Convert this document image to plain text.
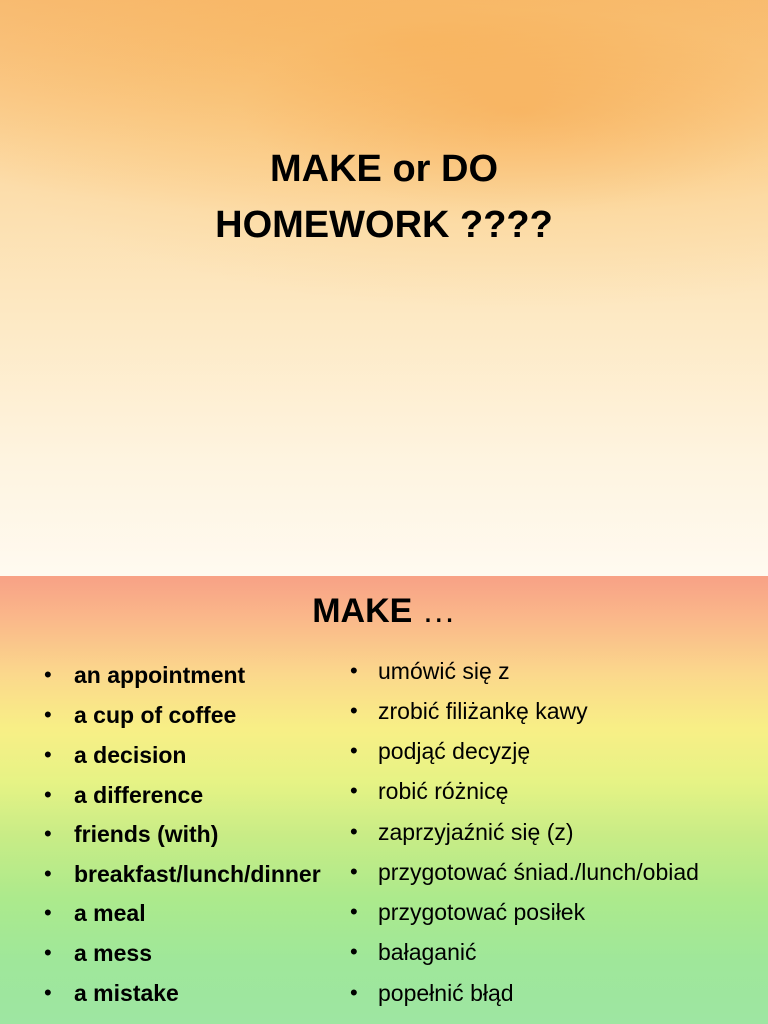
MAKE or DO
HOMEWORK ????
MAKE …
• an appointment
• a cup of coffee
• a decision
• a difference
• friends (with)
• breakfast/lunch/dinner
• a meal
• a mess
• a mistake
• umówić się z
• zrobić filiżankę kawy
• podjąć decyzję
• robić różnicę
• zaprzyjaźnić się (z)
• przygotować śniad./lunch/obiad
• przygotować posiłek
• bałaganić
• popełnić błąd
